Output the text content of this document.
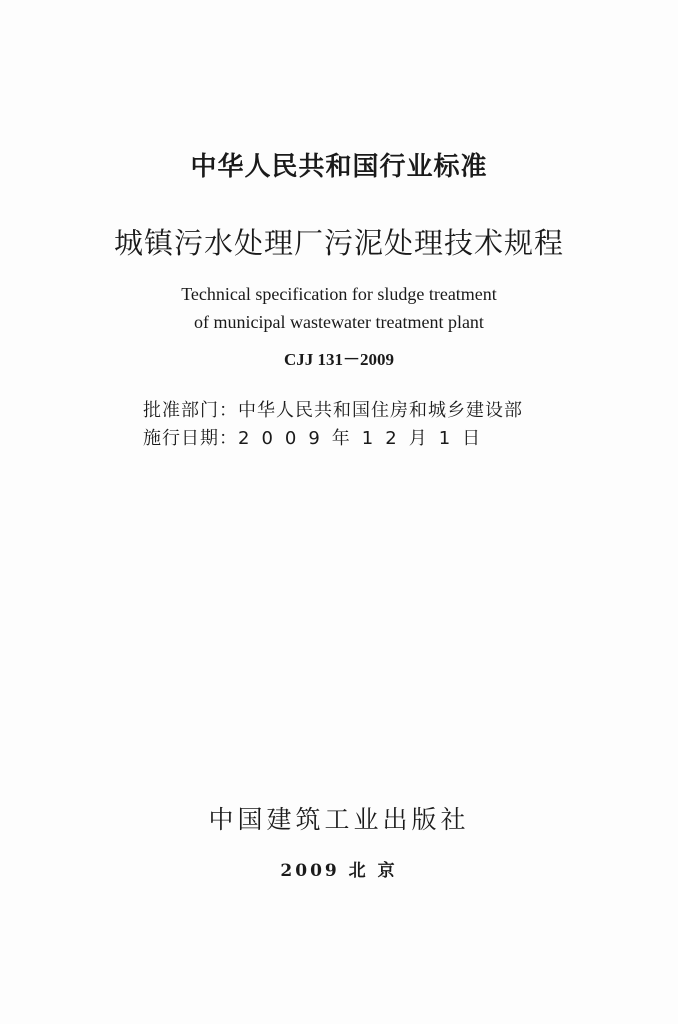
中华人民共和国行业标准
城镇污水处理厂污泥处理技术规程
Technical specification for sludge treatment
of municipal wastewater treatment plant
CJJ 131－2009
批准部门：中华人民共和国住房和城乡建设部
施行日期：2009年12月1日
中国建筑工业出版社
2009 北 京
